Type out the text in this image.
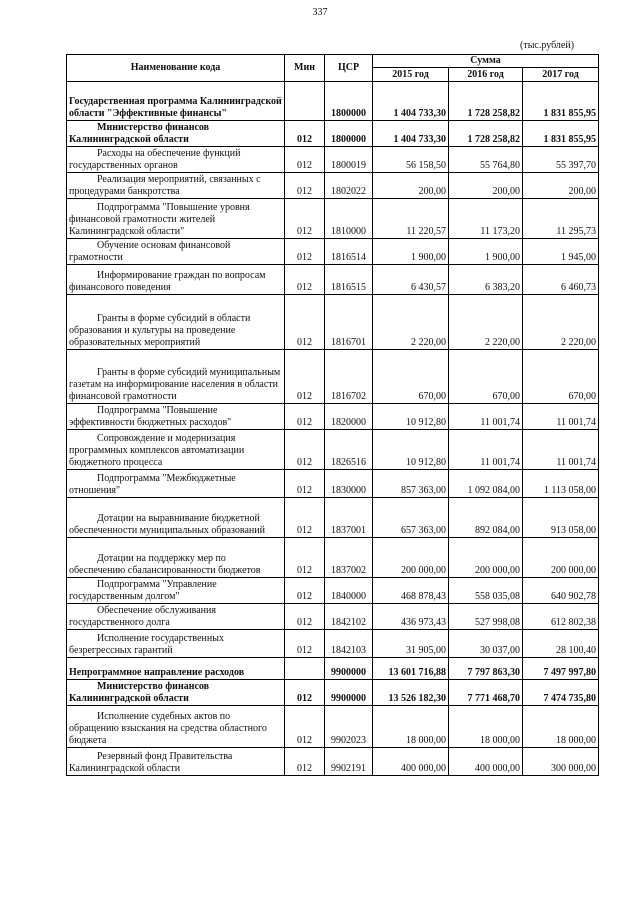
337
(тыс.рублей)
Наименование кода	Мин	ЦСР	Сумма		
			2015 год	2016 год	2017 год
Государственная программа Калининградской области "Эффективные финансы"		1800000	1 404 733,30	1 728 258,82	1 831 855,95
Министерство финансов Калининградской области	012	1800000	1 404 733,30	1 728 258,82	1 831 855,95
Расходы на обеспечение функций государственных органов	012	1800019	56 158,50	55 764,80	55 397,70
Реализация мероприятий, связанных с процедурами банкротства	012	1802022	200,00	200,00	200,00
Подпрограмма "Повышение уровня финансовой грамотности жителей Калининградской области"	012	1810000	11 220,57	11 173,20	11 295,73
Обучение основам финансовой грамотности	012	1816514	1 900,00	1 900,00	1 945,00
Информирование граждан по вопросам финансового поведения	012	1816515	6 430,57	6 383,20	6 460,73
Гранты в форме субсидий в области образования и культуры на проведение образовательных мероприятий	012	1816701	2 220,00	2 220,00	2 220,00
Гранты в форме субсидий муниципальным газетам на информирование населения в области финансовой грамотности	012	1816702	670,00	670,00	670,00
Подпрограмма "Повышение эффективности бюджетных расходов"	012	1820000	10 912,80	11 001,74	11 001,74
Сопровождение и модернизация программных комплексов автоматизации бюджетного процесса	012	1826516	10 912,80	11 001,74	11 001,74
Подпрограмма "Межбюджетные отношения"	012	1830000	857 363,00	1 092 084,00	1 113 058,00
Дотации на выравнивание бюджетной обеспеченности муниципальных образований	012	1837001	657 363,00	892 084,00	913 058,00
Дотации на поддержку мер по обеспечению сбалансированности бюджетов	012	1837002	200 000,00	200 000,00	200 000,00
Подпрограмма "Управление государственным долгом"	012	1840000	468 878,43	558 035,08	640 902,78
Обеспечение обслуживания государственного долга	012	1842102	436 973,43	527 998,08	612 802,38
Исполнение государственных безрегрессных гарантий	012	1842103	31 905,00	30 037,00	28 100,40
Непрограммное направление расходов		9900000	13 601 716,88	7 797 863,30	7 497 997,80
Министерство финансов Калининградской области	012	9900000	13 526 182,30	7 771 468,70	7 474 735,80
Исполнение судебных актов по обращению взыскания на средства областного бюджета	012	9902023	18 000,00	18 000,00	18 000,00
Резервный фонд Правительства Калининградской области	012	9902191	400 000,00	400 000,00	300 000,00
